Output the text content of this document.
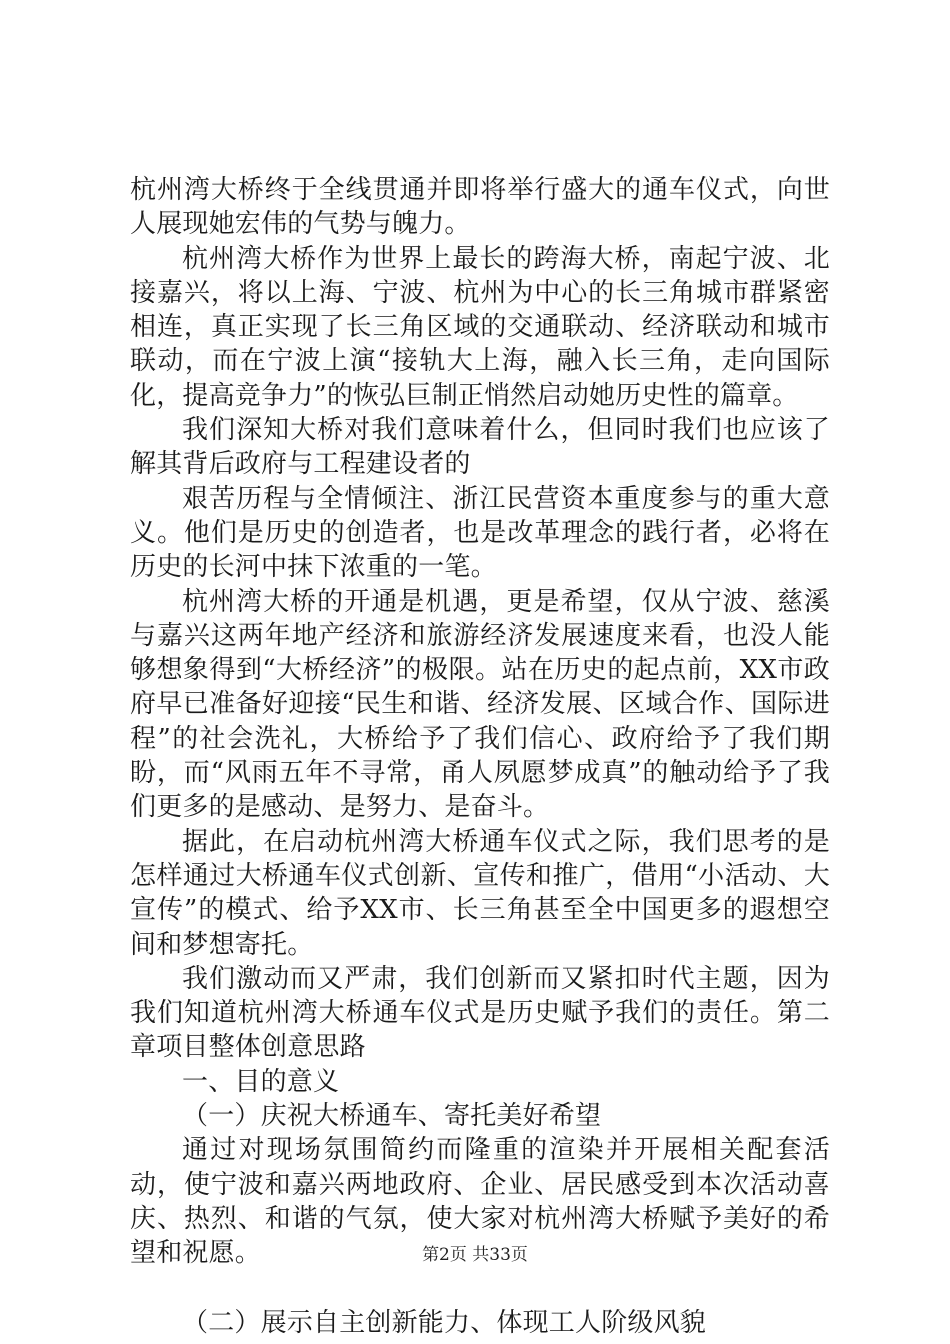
杭州湾大桥终于全线贯通并即将举行盛大的通车仪式，向世人展现她宏伟的气势与魄力。

杭州湾大桥作为世界上最长的跨海大桥，南起宁波、北接嘉兴，将以上海、宁波、杭州为中心的长三角城市群紧密相连，真正实现了长三角区域的交通联动、经济联动和城市联动，而在宁波上演“接轨大上海，融入长三角，走向国际化，提高竞争力”的恢弘巨制正悄然启动她历史性的篇章。

我们深知大桥对我们意味着什么，但同时我们也应该了解其背后政府与工程建设者的

艰苦历程与全情倾注、浙江民营资本重度参与的重大意义。他们是历史的创造者，也是改革理念的践行者，必将在历史的长河中抹下浓重的一笔。

杭州湾大桥的开通是机遇，更是希望，仅从宁波、慈溪与嘉兴这两年地产经济和旅游经济发展速度来看，也没人能够想象得到“大桥经济”的极限。站在历史的起点前，XX市政府早已准备好迎接“民生和谐、经济发展、区域合作、国际进程”的社会洗礼，大桥给予了我们信心、政府给予了我们期盼，而“风雨五年不寻常，甬人夙愿梦成真”的触动给予了我们更多的是感动、是努力、是奋斗。

据此，在启动杭州湾大桥通车仪式之际，我们思考的是怎样通过大桥通车仪式创新、宣传和推广，借用“小活动、大宣传”的模式、给予XX市、长三角甚至全中国更多的遐想空间和梦想寄托。

我们激动而又严肃，我们创新而又紧扣时代主题，因为我们知道杭州湾大桥通车仪式是历史赋予我们的责任。第二章项目整体创意思路

一、目的意义

（一）庆祝大桥通车、寄托美好希望

通过对现场氛围简约而隆重的渲染并开展相关配套活动，使宁波和嘉兴两地政府、企业、居民感受到本次活动喜庆、热烈、和谐的气氛，使大家对杭州湾大桥赋予美好的希望和祝愿。

（二）展示自主创新能力、体现工人阶级风貌

第2页 共33页
